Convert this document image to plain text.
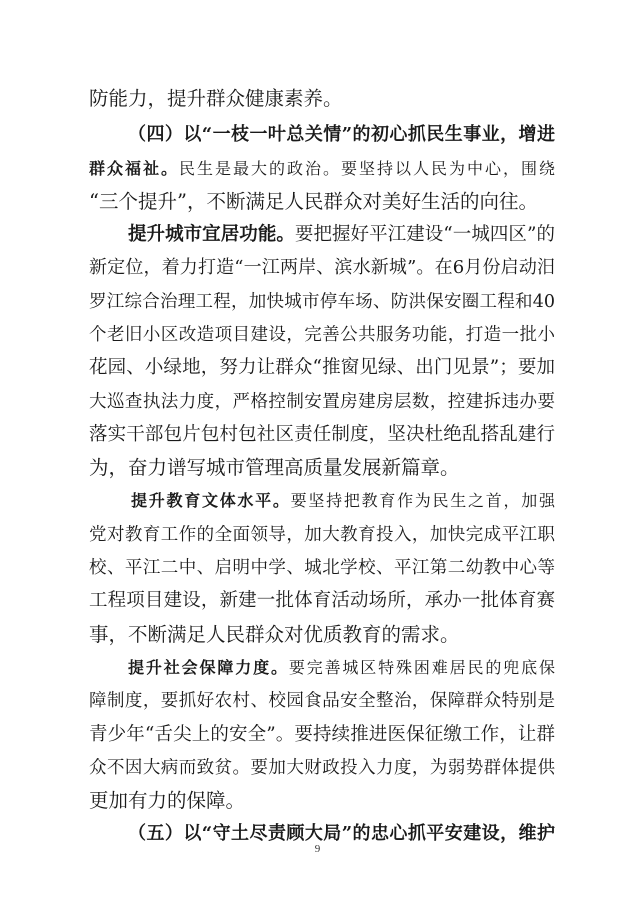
防能力，提升群众健康素养。
（四）以“一枝一叶总关情”的初心抓民生事业，增进
群众福祉。民生是最大的政治。要坚持以人民为中心，围绕
“三个提升”，不断满足人民群众对美好生活的向往。
提升城市宜居功能。要把握好平江建设“一城四区”的
新定位，着力打造“一江两岸、滨水新城”。在6月份启动汨
罗江综合治理工程，加快城市停车场、防洪保安圈工程和40
个老旧小区改造项目建设，完善公共服务功能，打造一批小
花园、小绿地，努力让群众“推窗见绿、出门见景”；要加
大巡查执法力度，严格控制安置房建房层数，控建拆违办要
落实干部包片包村包社区责任制度，坚决杜绝乱搭乱建行
为，奋力谱写城市管理高质量发展新篇章。
提升教育文体水平。要坚持把教育作为民生之首，加强
党对教育工作的全面领导，加大教育投入，加快完成平江职
校、平江二中、启明中学、城北学校、平江第二幼教中心等
工程项目建设，新建一批体育活动场所，承办一批体育赛
事，不断满足人民群众对优质教育的需求。
提升社会保障力度。要完善城区特殊困难居民的兜底保
障制度，要抓好农村、校园食品安全整治，保障群众特别是
青少年“舌尖上的安全”。要持续推进医保征缴工作，让群
众不因大病而致贫。要加大财政投入力度，为弱势群体提供
更加有力的保障。
（五）以“守土尽责顾大局”的忠心抓平安建设，维护
9
